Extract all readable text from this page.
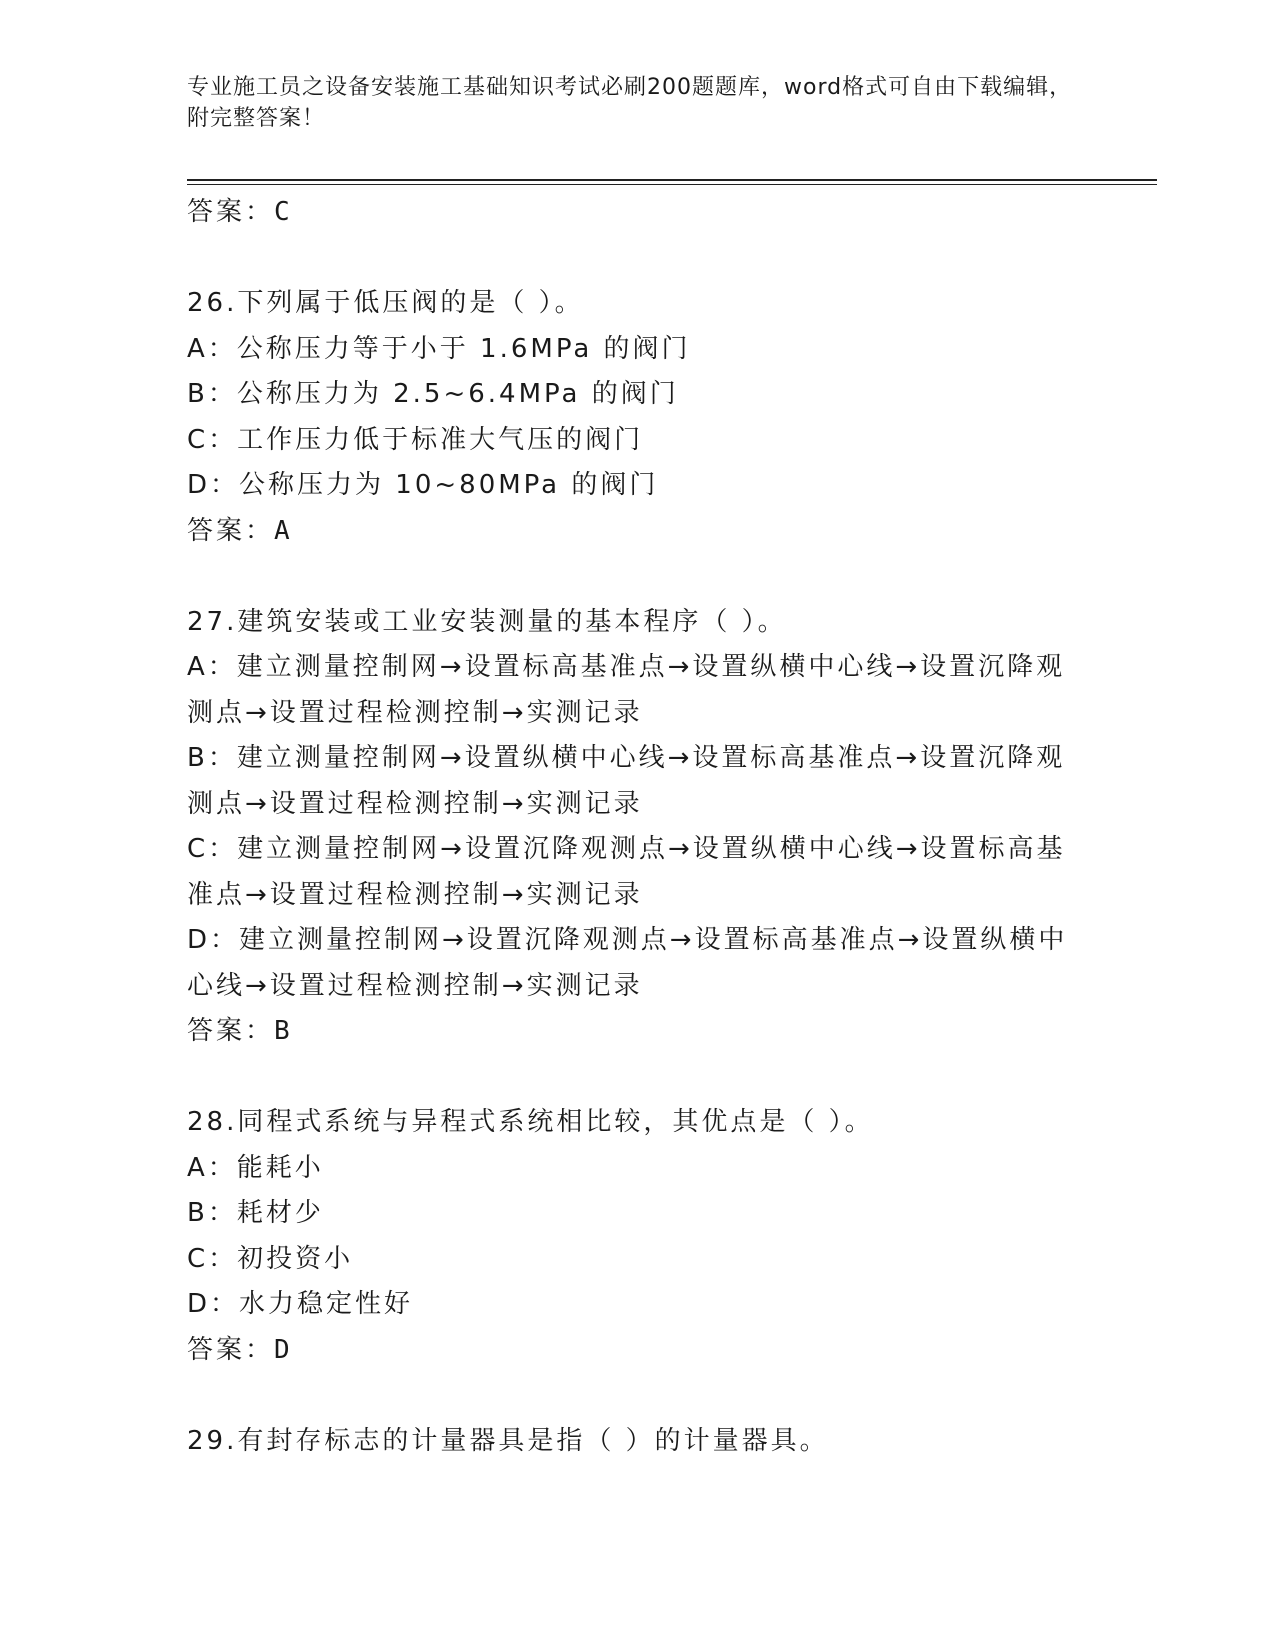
专业施工员之设备安装施工基础知识考试必刷200题题库，word格式可自由下载编辑，附完整答案！
答案：C
26.下列属于低压阀的是（ ）。
A：公称压力等于小于 1.6MPa 的阀门
B：公称压力为 2.5~6.4MPa 的阀门
C：工作压力低于标准大气压的阀门
D：公称压力为 10~80MPa 的阀门
答案：A
27.建筑安装或工业安装测量的基本程序（ ）。
A：建立测量控制网→设置标高基准点→设置纵横中心线→设置沉降观测点→设置过程检测控制→实测记录
B：建立测量控制网→设置纵横中心线→设置标高基准点→设置沉降观测点→设置过程检测控制→实测记录
C：建立测量控制网→设置沉降观测点→设置纵横中心线→设置标高基准点→设置过程检测控制→实测记录
D：建立测量控制网→设置沉降观测点→设置标高基准点→设置纵横中心线→设置过程检测控制→实测记录
答案：B
28.同程式系统与异程式系统相比较，其优点是（ ）。
A：能耗小
B：耗材少
C：初投资小
D：水力稳定性好
答案：D
29.有封存标志的计量器具是指（ ）的计量器具。
